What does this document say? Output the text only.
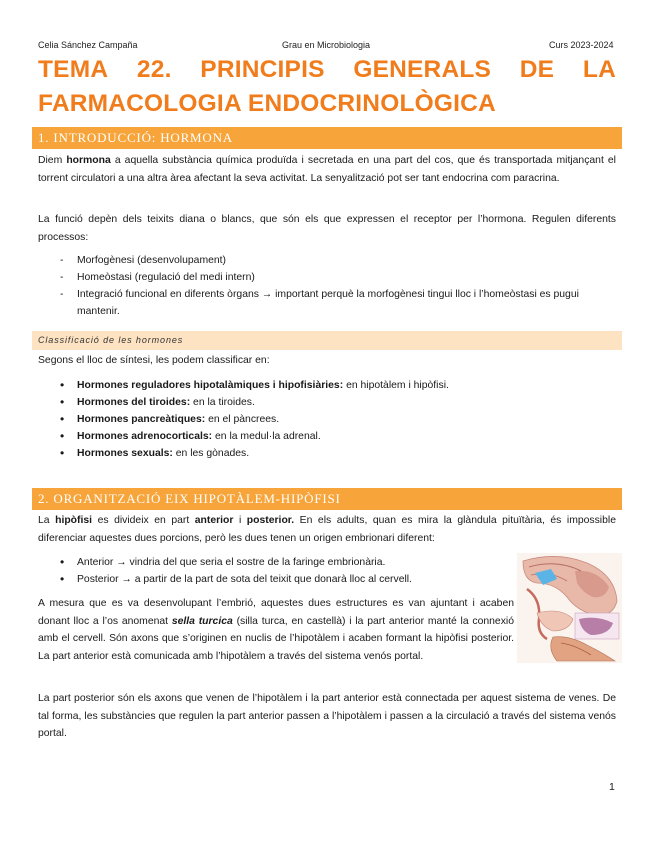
Celia Sánchez Campaña	Grau en Microbiologia	Curs 2023-2024
TEMA 22. PRINCIPIS GENERALS DE LA
FARMACOLOGIA ENDOCRINOLÒGICA
1. INTRODUCCIÓ: HORMONA
Diem hormona a aquella substància química produïda i secretada en una part del cos, que és transportada mitjançant el torrent circulatori a una altra àrea afectant la seva activitat. La senyalització pot ser tant endocrina com paracrina.
La funció depèn dels teixits diana o blancs, que són els que expressen el receptor per l’hormona. Regulen diferents processos:
- Morfogènesi (desenvolupament)
- Homeòstasi (regulació del medi intern)
- Integració funcional en diferents òrgans → important perquè la morfogènesi tingui lloc i l’homeòstasi es pugui mantenir.
Classificació de les hormones
Segons el lloc de síntesi, les podem classificar en:
• Hormones reguladores hipotalàmiques i hipofisiàries: en hipotàlem i hipòfisi.
• Hormones del tiroides: en la tiroides.
• Hormones pancreàtiques: en el pàncrees.
• Hormones adrenocorticals: en la medul·la adrenal.
• Hormones sexuals: en les gònades.
2. ORGANITZACIÓ EIX HIPOTÀLEM-HIPÒFISI
La hipòfisi es divideix en part anterior i posterior. En els adults, quan es mira la glàndula pituïtària, és impossible diferenciar aquestes dues porcions, però les dues tenen un origen embrionari diferent:
• Anterior → vindria del que seria el sostre de la faringe embrionària.
• Posterior → a partir de la part de sota del teixit que donarà lloc al cervell.
A mesura que es va desenvolupant l’embrió, aquestes dues estructures es van ajuntant i acaben donant lloc a l’os anomenat sella turcica (silla turca, en castellà) i la part anterior manté la connexió amb el cervell. Són axons que s’originen en nuclis de l’hipotàlem i acaben formant la hipòfisi posterior. La part anterior està comunicada amb l’hipotàlem a través del sistema venós portal.
La part posterior són els axons que venen de l’hipotàlem i la part anterior està connectada per aquest sistema de venes. De tal forma, les substàncies que regulen la part anterior passen a l’hipotàlem i passen a la circulació a través del sistema venós portal.
1
